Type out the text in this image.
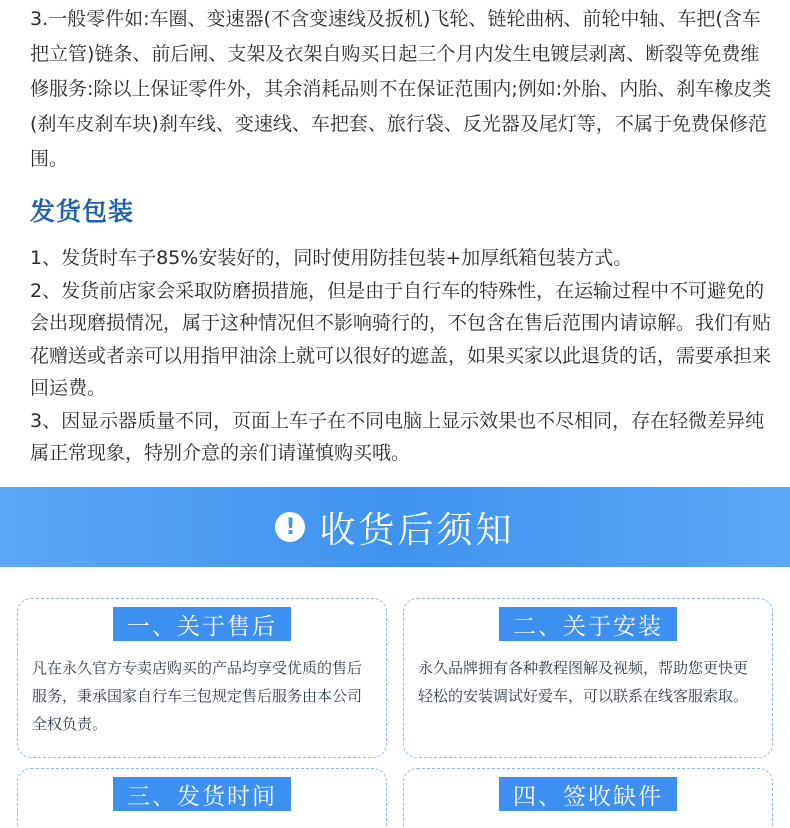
3.一般零件如:车圈、变速器(不含变速线及扳机)飞轮、链轮曲柄、前轮中轴、车把(含车把立管)链条、前后闸、支架及衣架自购买日起三个月内发生电镀层剥离、断裂等免费维修服务:除以上保证零件外，其余消耗品则不在保证范围内;例如:外胎、内胎、刹车橡皮类(刹车皮刹车块)刹车线、变速线、车把套、旅行袋、反光器及尾灯等，不属于免费保修范围。
发货包装

1、发货时车子85%安装好的，同时使用防挂包装+加厚纸箱包装方式。

2、发货前店家会采取防磨损措施，但是由于自行车的特殊性，在运输过程中不可避免的会出现磨损情况，属于这种情况但不影响骑行的，不包含在售后范围内请谅解。我们有贴花赠送或者亲可以用指甲油涂上就可以很好的遮盖，如果买家以此退货的话，需要承担来回运费。

3、因显示器质量不同，页面上车子在不同电脑上显示效果也不尽相同，存在轻微差异纯属正常现象，特别介意的亲们请谨慎购买哦。

! 收货后须知
一、关于售后

凡在永久官方专卖店购买的产品均享受优质的售后服务，秉承国家自行车三包规定售后服务由本公司全权负责。

二、关于安装

永久品牌拥有各种教程图解及视频，帮助您更快更轻松的安装调试好爱车，可以联系在线客服索取。

三、发货时间	四、签收缺件
